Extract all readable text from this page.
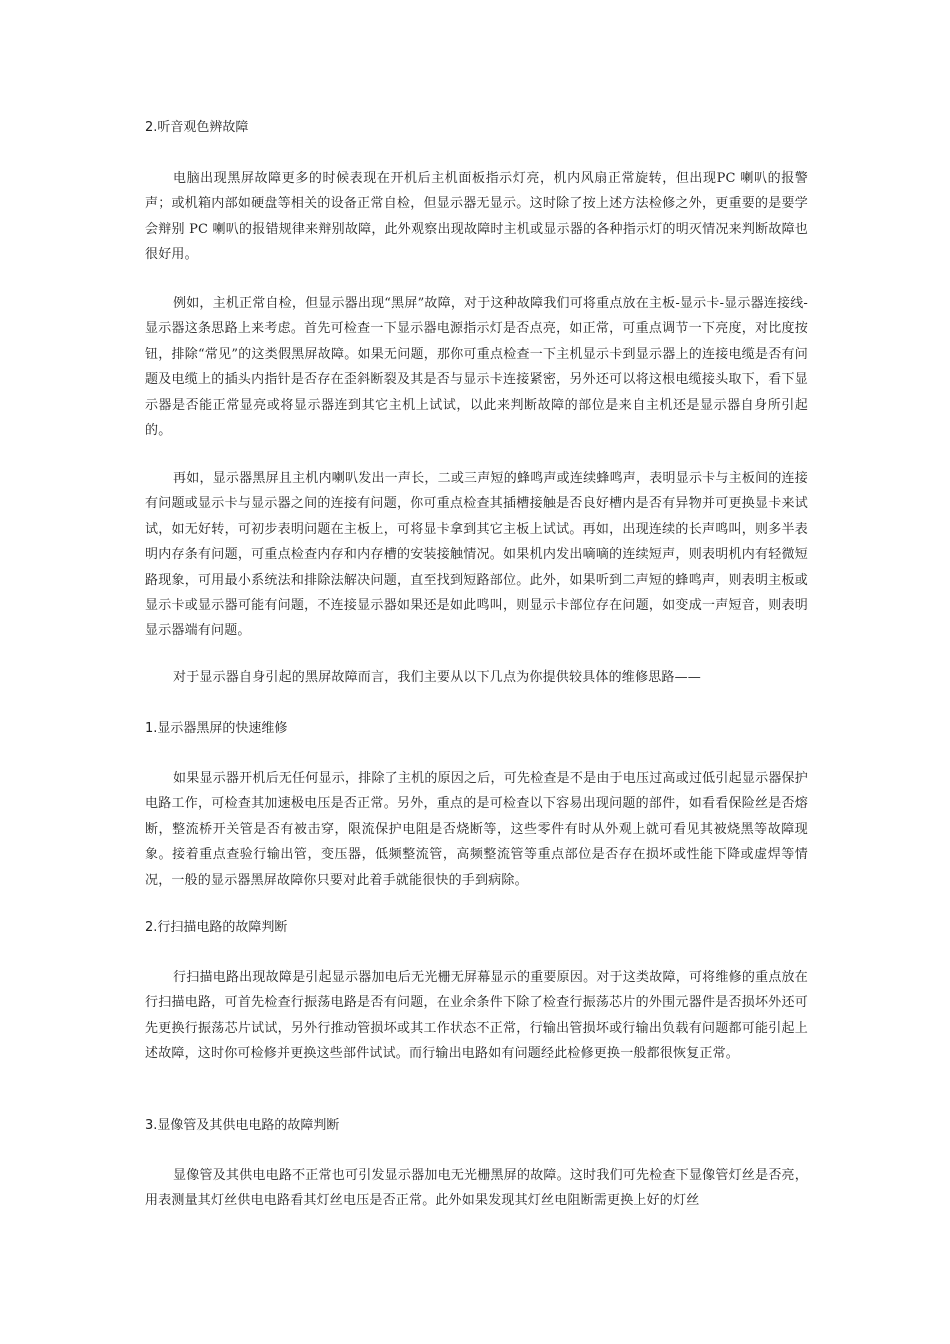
2.听音观色辨故障

电脑出现黑屏故障更多的时候表现在开机后主机面板指示灯亮，机内风扇正常旋转，但出现PC 喇叭的报警声；或机箱内部如硬盘等相关的设备正常自检，但显示器无显示。这时除了按上述方法检修之外，更重要的是要学会辩别 PC 喇叭的报错规律来辩别故障，此外观察出现故障时主机或显示器的各种指示灯的明灭情况来判断故障也很好用。

例如，主机正常自检，但显示器出现“黑屏”故障，对于这种故障我们可将重点放在主板-显示卡-显示器连接线-显示器这条思路上来考虑。首先可检查一下显示器电源指示灯是否点亮，如正常，可重点调节一下亮度，对比度按钮，排除“常见”的这类假黑屏故障。如果无问题，那你可重点检查一下主机显示卡到显示器上的连接电缆是否有问题及电缆上的插头内指针是否存在歪斜断裂及其是否与显示卡连接紧密，另外还可以将这根电缆接头取下，看下显示器是否能正常显亮或将显示器连到其它主机上试试，以此来判断故障的部位是来自主机还是显示器自身所引起的。

再如，显示器黑屏且主机内喇叭发出一声长，二或三声短的蜂鸣声或连续蜂鸣声，表明显示卡与主板间的连接有问题或显示卡与显示器之间的连接有问题，你可重点检查其插槽接触是否良好槽内是否有异物并可更换显卡来试试，如无好转，可初步表明问题在主板上，可将显卡拿到其它主板上试试。再如，出现连续的长声鸣叫，则多半表明内存条有问题，可重点检查内存和内存槽的安装接触情况。如果机内发出嘀嘀的连续短声，则表明机内有轻微短路现象，可用最小系统法和排除法解决问题，直至找到短路部位。此外，如果听到二声短的蜂鸣声，则表明主板或显示卡或显示器可能有问题，不连接显示器如果还是如此鸣叫，则显示卡部位存在问题，如变成一声短音，则表明显示器端有问题。

对于显示器自身引起的黑屏故障而言，我们主要从以下几点为你提供较具体的维修思路——

1.显示器黑屏的快速维修

如果显示器开机后无任何显示，排除了主机的原因之后，可先检查是不是由于电压过高或过低引起显示器保护电路工作，可检查其加速极电压是否正常。另外，重点的是可检查以下容易出现问题的部件，如看看保险丝是否熔断，整流桥开关管是否有被击穿，限流保护电阻是否烧断等，这些零件有时从外观上就可看见其被烧黑等故障现象。接着重点查验行输出管，变压器，低频整流管，高频整流管等重点部位是否存在损坏或性能下降或虚焊等情况，一般的显示器黑屏故障你只要对此着手就能很快的手到病除。

2.行扫描电路的故障判断

行扫描电路出现故障是引起显示器加电后无光栅无屏幕显示的重要原因。对于这类故障，可将维修的重点放在行扫描电路，可首先检查行振荡电路是否有问题，在业余条件下除了检查行振荡芯片的外围元器件是否损坏外还可先更换行振荡芯片试试，另外行推动管损坏或其工作状态不正常，行输出管损坏或行输出负载有问题都可能引起上述故障，这时你可检修并更换这些部件试试。而行输出电路如有问题经此检修更换一般都很恢复正常。

3.显像管及其供电电路的故障判断

显像管及其供电电路不正常也可引发显示器加电无光栅黑屏的故障。这时我们可先检查下显像管灯丝是否亮，用表测量其灯丝供电电路看其灯丝电压是否正常。此外如果发现其灯丝电阻断需更换上好的灯丝
